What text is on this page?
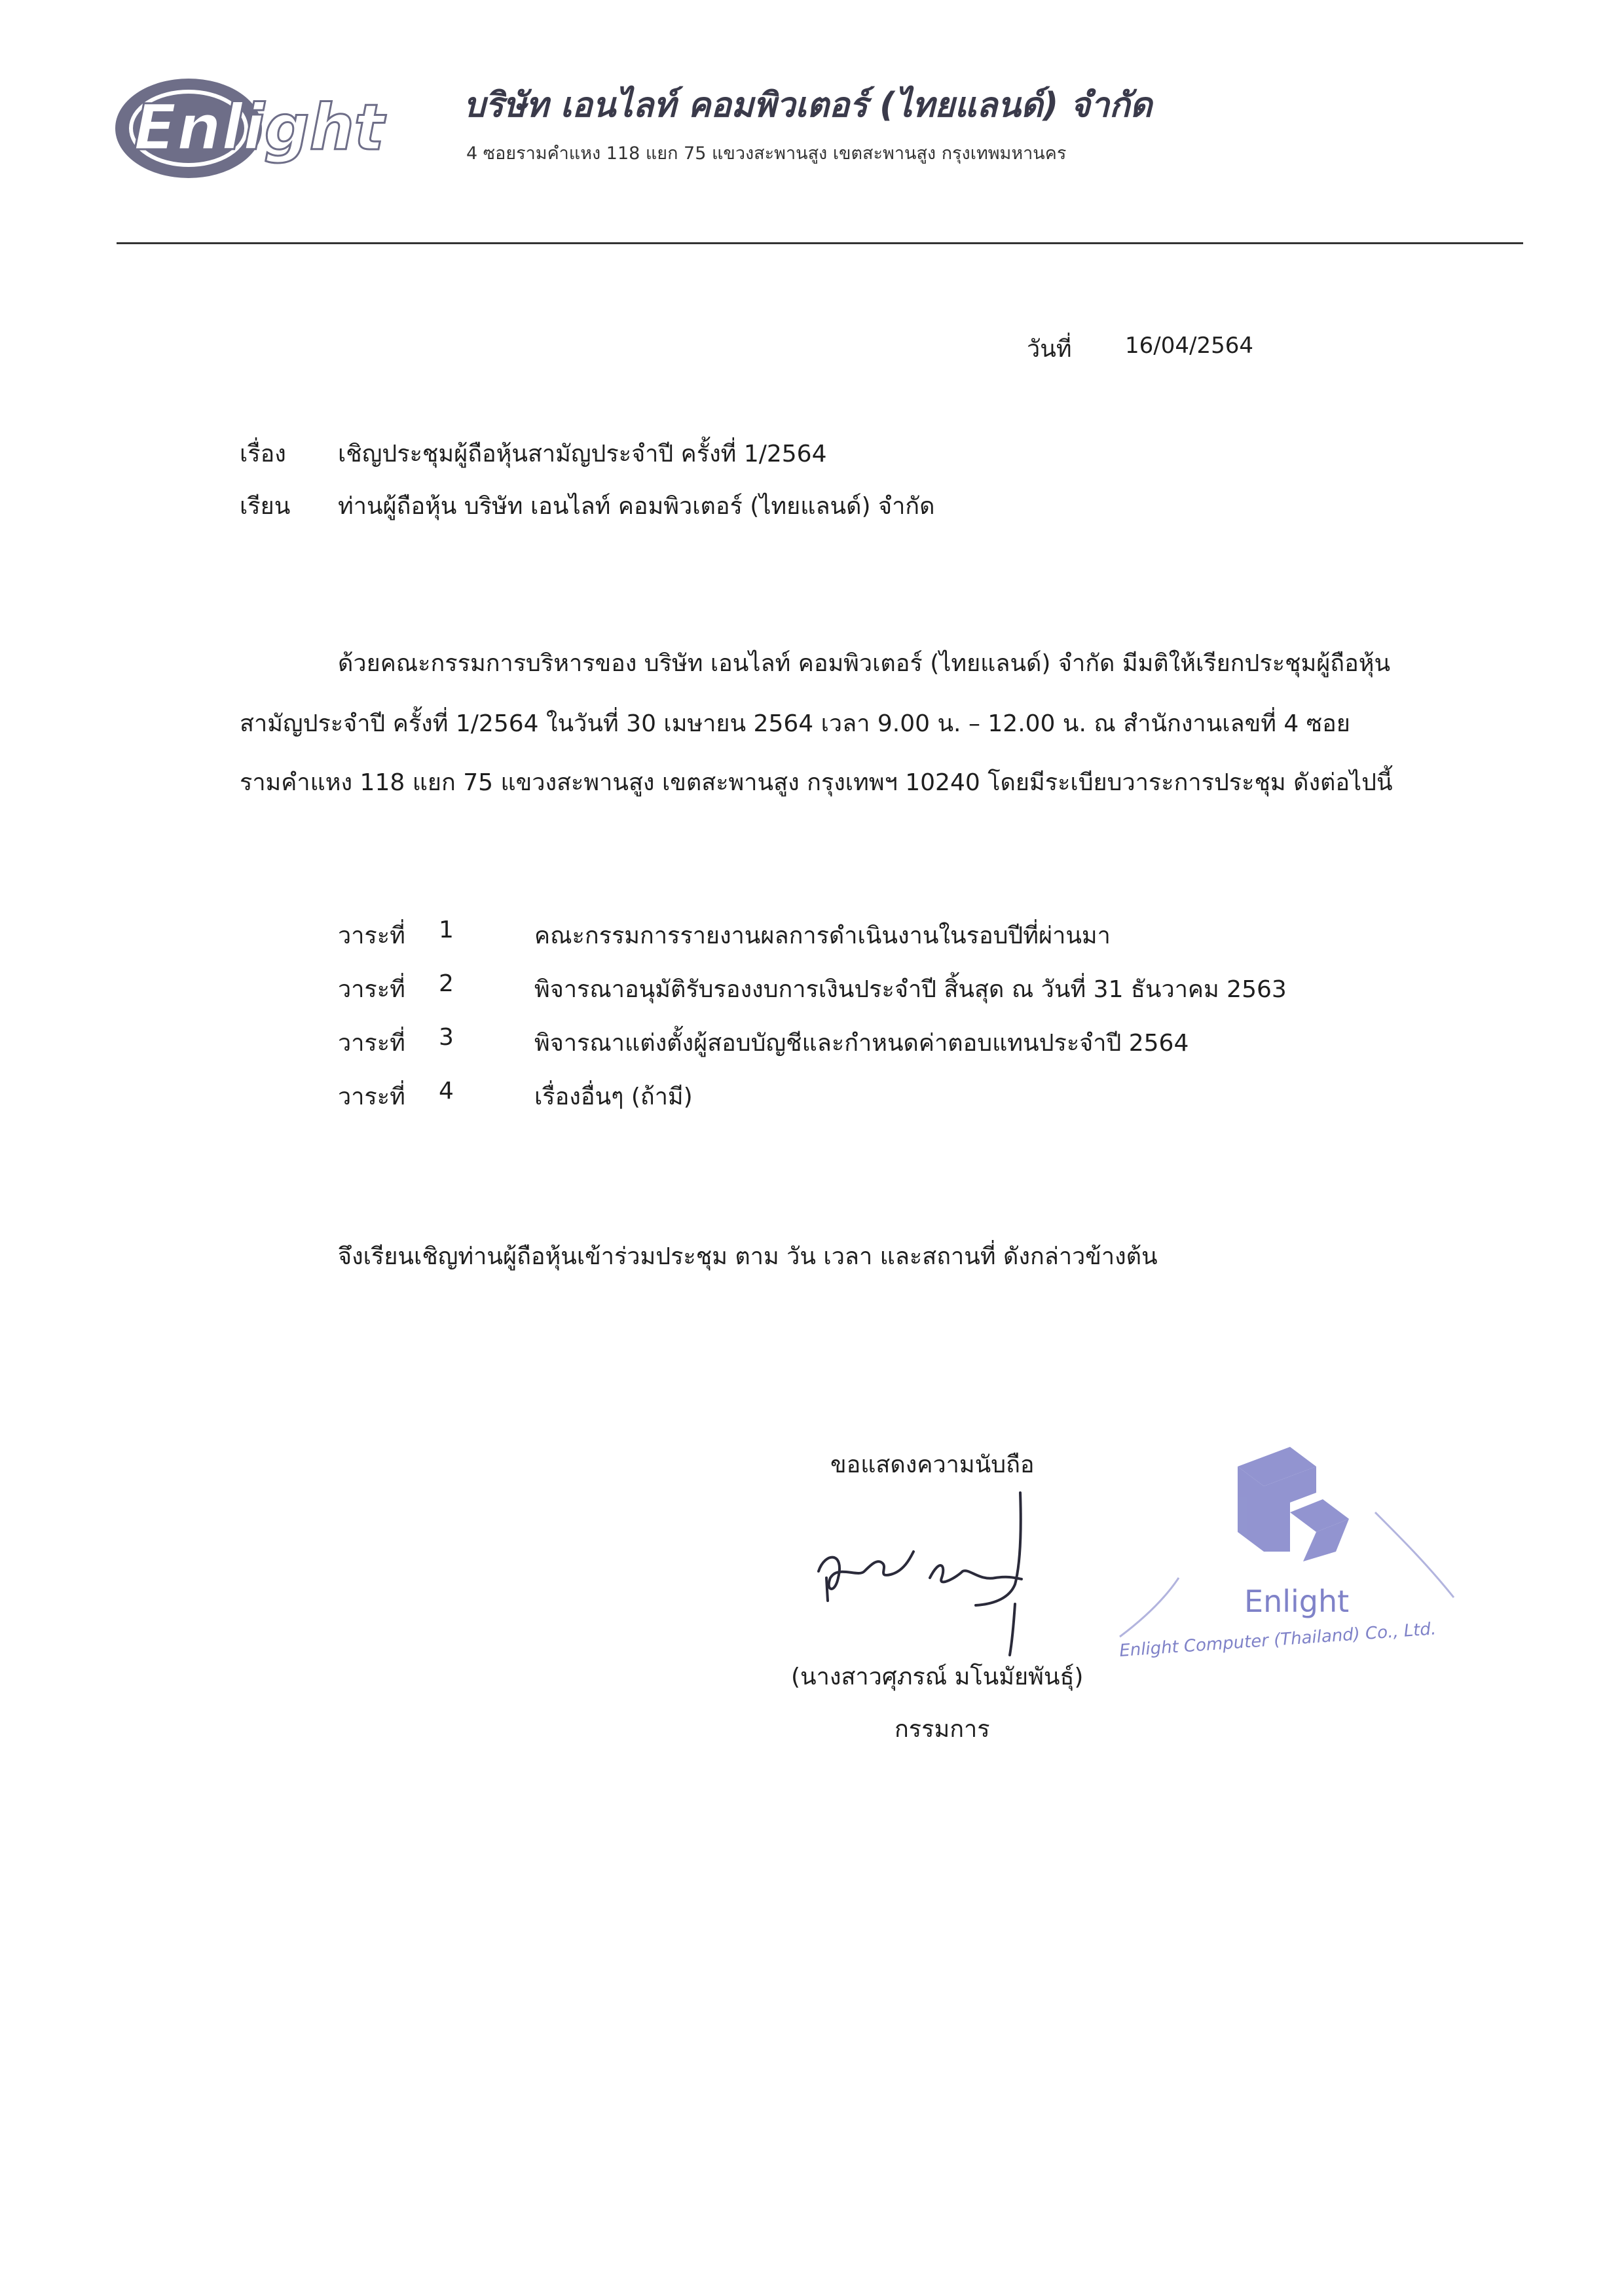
Enlight บริษัท เอนไลท์ คอมพิวเตอร์ (ไทยแลนด์) จำกัด
4 ซอยรามคำแหง 118 แยก 75 แขวงสะพานสูง เขตสะพานสูง กรุงเทพมหานคร
วันที่ 16/04/2564
เรื่อง เชิญประชุมผู้ถือหุ้นสามัญประจำปี ครั้งที่ 1/2564
เรียน ท่านผู้ถือหุ้น บริษัท เอนไลท์ คอมพิวเตอร์ (ไทยแลนด์) จำกัด
ด้วยคณะกรรมการบริหารของ บริษัท เอนไลท์ คอมพิวเตอร์ (ไทยแลนด์) จำกัด มีมติให้เรียกประชุมผู้ถือหุ้น
สามัญประจำปี ครั้งที่ 1/2564 ในวันที่ 30 เมษายน 2564 เวลา 9.00 น. – 12.00 น. ณ สำนักงานเลขที่ 4 ซอย
รามคำแหง 118 แยก 75 แขวงสะพานสูง เขตสะพานสูง กรุงเทพฯ 10240 โดยมีระเบียบวาระการประชุม ดังต่อไปนี้
วาระที่ 1	คณะกรรมการรายงานผลการดำเนินงานในรอบปีที่ผ่านมา
วาระที่ 2	พิจารณาอนุมัติรับรองงบการเงินประจำปี สิ้นสุด ณ วันที่ 31 ธันวาคม 2563
วาระที่ 3	พิจารณาแต่งตั้งผู้สอบบัญชีและกำหนดค่าตอบแทนประจำปี 2564
วาระที่ 4	เรื่องอื่นๆ (ถ้ามี)
จึงเรียนเชิญท่านผู้ถือหุ้นเข้าร่วมประชุม ตาม วัน เวลา และสถานที่ ดังกล่าวข้างต้น
ขอแสดงความนับถือ
(นางสาวศุภรณ์ มโนมัยพันธุ์)
กรรมการ
Enlight
Enlight Computer (Thailand) Co., Ltd.
